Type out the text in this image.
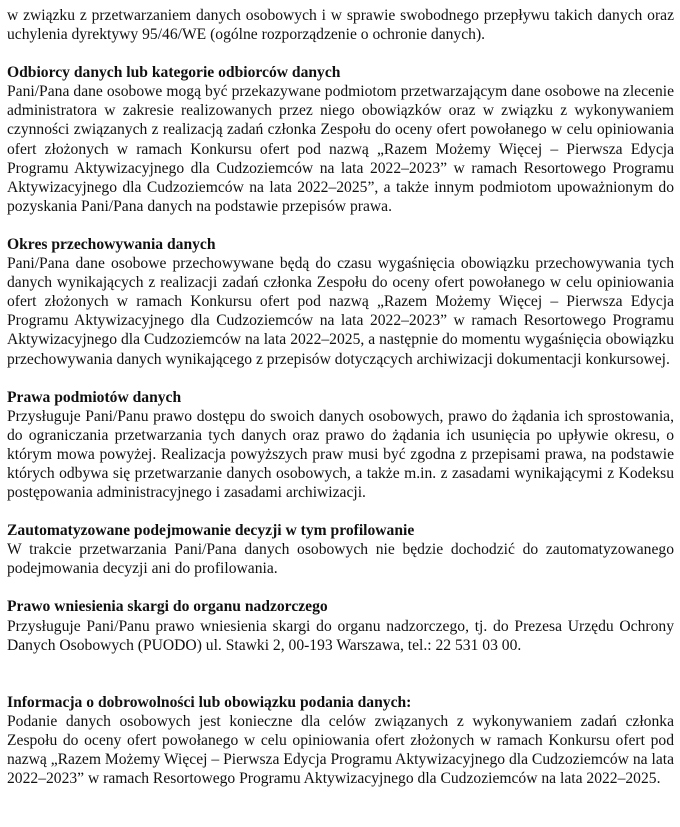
w związku z przetwarzaniem danych osobowych i w sprawie swobodnego przepływu takich danych oraz uchylenia dyrektywy 95/46/WE (ogólne rozporządzenie o ochronie danych).

Odbiorcy danych lub kategorie odbiorców danych

Pani/Pana dane osobowe mogą być przekazywane podmiotom przetwarzającym dane osobowe na zlecenie administratora w zakresie realizowanych przez niego obowiązków oraz w związku z wykonywaniem czynności związanych z realizacją zadań członka Zespołu do oceny ofert powołanego w celu opiniowania ofert złożonych w ramach Konkursu ofert pod nazwą „Razem Możemy Więcej – Pierwsza Edycja Programu Aktywizacyjnego dla Cudzoziemców na lata 2022–2023” w ramach Resortowego Programu Aktywizacyjnego dla Cudzoziemców na lata 2022–2025”, a także innym podmiotom upoważnionym do pozyskania Pani/Pana danych na podstawie przepisów prawa.

Okres przechowywania danych

Pani/Pana dane osobowe przechowywane będą do czasu wygaśnięcia obowiązku przechowywania tych danych wynikających z realizacji zadań członka Zespołu do oceny ofert powołanego w celu opiniowania ofert złożonych w ramach Konkursu ofert pod nazwą „Razem Możemy Więcej – Pierwsza Edycja Programu Aktywizacyjnego dla Cudzoziemców na lata 2022–2023” w ramach Resortowego Programu Aktywizacyjnego dla Cudzoziemców na lata 2022–2025, a następnie do momentu wygaśnięcia obowiązku przechowywania danych wynikającego z przepisów dotyczących archiwizacji dokumentacji konkursowej.

Prawa podmiotów danych

Przysługuje Pani/Panu prawo dostępu do swoich danych osobowych, prawo do żądania ich sprostowania, do ograniczania przetwarzania tych danych oraz prawo do żądania ich usunięcia po upływie okresu, o którym mowa powyżej. Realizacja powyższych praw musi być zgodna z przepisami prawa, na podstawie których odbywa się przetwarzanie danych osobowych, a także m.in. z zasadami wynikającymi z Kodeksu postępowania administracyjnego i zasadami archiwizacji.

Zautomatyzowane podejmowanie decyzji w tym profilowanie

W trakcie przetwarzania Pani/Pana danych osobowych nie będzie dochodzić do zautomatyzowanego podejmowania decyzji ani do profilowania.

Prawo wniesienia skargi do organu nadzorczego

Przysługuje Pani/Panu prawo wniesienia skargi do organu nadzorczego, tj. do Prezesa Urzędu Ochrony Danych Osobowych (PUODO) ul. Stawki 2, 00-193 Warszawa, tel.: 22 531 03 00.

Informacja o dobrowolności lub obowiązku podania danych:

Podanie danych osobowych jest konieczne dla celów związanych z wykonywaniem zadań członka Zespołu do oceny ofert powołanego w celu opiniowania ofert złożonych w ramach Konkursu ofert pod nazwą „Razem Możemy Więcej – Pierwsza Edycja Programu Aktywizacyjnego dla Cudzoziemców na lata 2022–2023” w ramach Resortowego Programu Aktywizacyjnego dla Cudzoziemców na lata 2022–2025.
